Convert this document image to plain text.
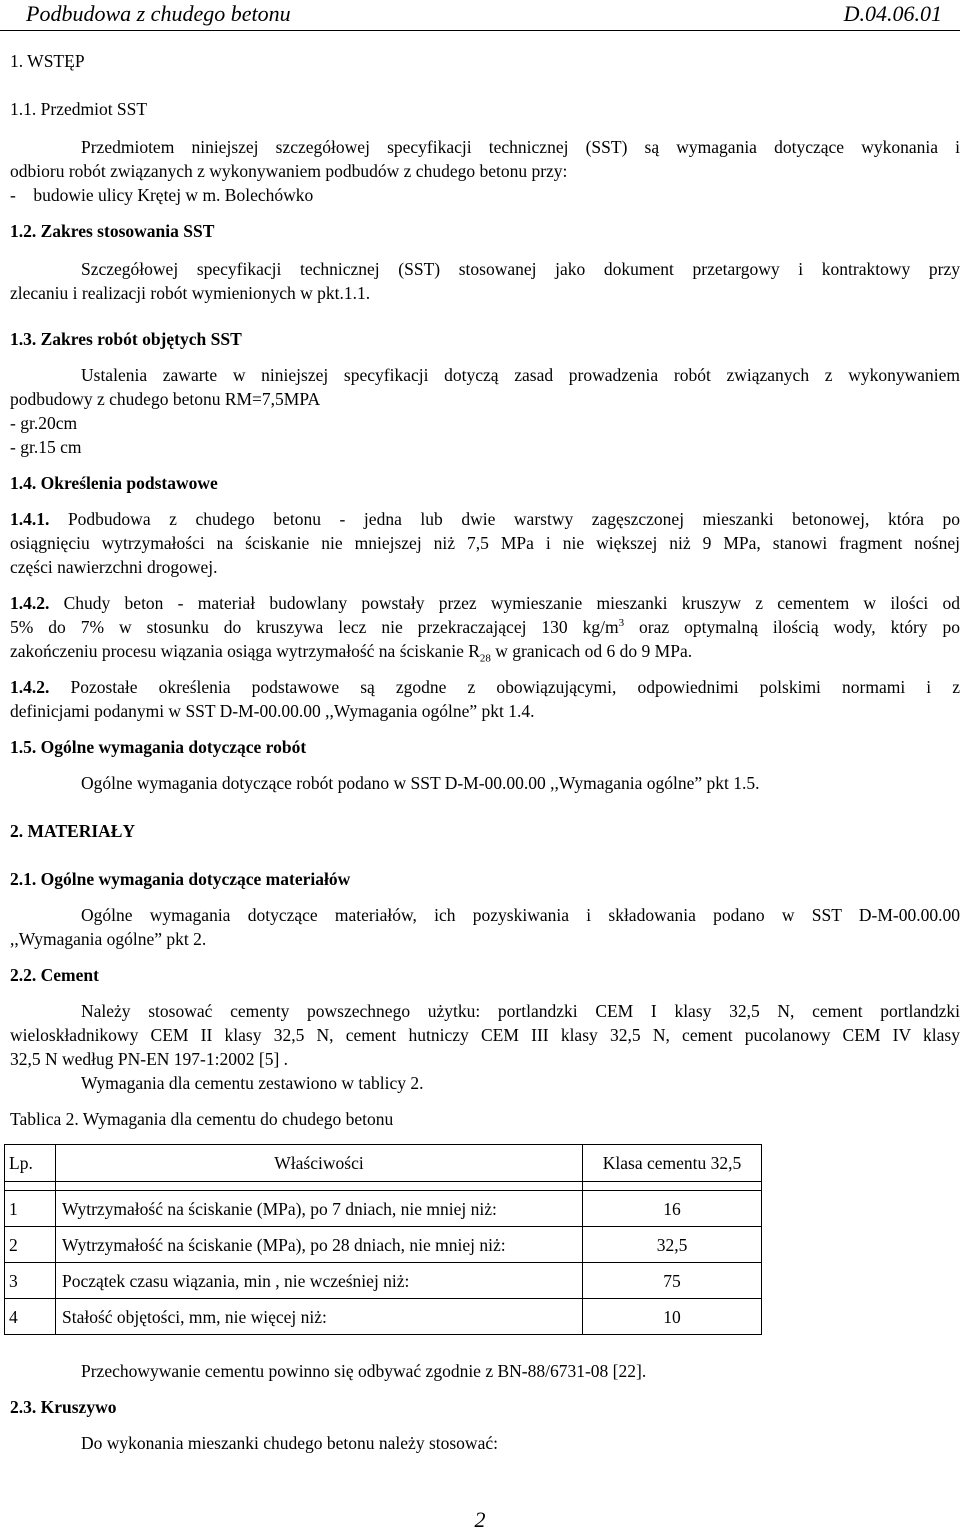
Podbudowa z chudego betonu	D.04.06.01
1. WSTĘP
1.1. Przedmiot SST
Przedmiotem niniejszej szczegółowej specyfikacji technicznej (SST) są wymagania dotyczące wykonania i
odbioru robót związanych z wykonywaniem podbudów z chudego betonu przy:
-    budowie ulicy Krętej w m. Bolechówko
1.2. Zakres stosowania SST
Szczegółowej specyfikacji technicznej (SST) stosowanej jako dokument przetargowy i kontraktowy przy
zlecaniu i realizacji robót wymienionych w pkt.1.1.
1.3. Zakres robót objętych SST
Ustalenia zawarte w niniejszej specyfikacji dotyczą zasad prowadzenia robót związanych z wykonywaniem
podbudowy z chudego betonu RM=7,5MPA
- gr.20cm
- gr.15 cm
1.4. Określenia podstawowe
1.4.1. Podbudowa z chudego betonu - jedna lub dwie warstwy zagęszczonej mieszanki betonowej, która po
osiągnięciu wytrzymałości na ściskanie nie mniejszej niż 7,5 MPa i nie większej niż 9 MPa, stanowi fragment nośnej
części nawierzchni drogowej.
1.4.2. Chudy beton - materiał budowlany powstały przez wymieszanie mieszanki kruszyw z cementem w ilości od
5% do 7% w stosunku do kruszywa lecz nie przekraczającej 130 $kg/m^3$ oraz optymalną ilością wody, który po
zakończeniu procesu wiązania osiąga wytrzymałość na ściskanie $R_{28}$ w granicach od 6 do 9 MPa.
1.4.2. Pozostałe określenia podstawowe są zgodne z obowiązującymi, odpowiednimi polskimi normami i z
definicjami podanymi w SST D-M-00.00.00 ,,Wymagania ogólne” pkt 1.4.
1.5. Ogólne wymagania dotyczące robót
Ogólne wymagania dotyczące robót podano w SST D-M-00.00.00 ,,Wymagania ogólne” pkt 1.5.
2. MATERIAŁY
2.1. Ogólne wymagania dotyczące materiałów
Ogólne wymagania dotyczące materiałów, ich pozyskiwania i składowania podano w SST D-M-00.00.00
,,Wymagania ogólne” pkt 2.
2.2. Cement
Należy stosować cementy powszechnego użytku: portlandzki CEM I klasy 32,5 N, cement portlandzki
wieloskładnikowy CEM II klasy 32,5 N, cement hutniczy CEM III klasy 32,5 N, cement pucolanowy CEM IV klasy
32,5 N według PN-EN 197-1:2002 [5] .
Wymagania dla cementu zestawiono w tablicy 2.
Tablica 2. Wymagania dla cementu do chudego betonu
Lp.	Właściwości	Klasa cementu 32,5

1	Wytrzymałość na ściskanie (MPa), po 7 dniach, nie mniej niż:	16
2	Wytrzymałość na ściskanie (MPa), po 28 dniach, nie mniej niż:	32,5
3	Początek czasu wiązania, min , nie wcześniej niż:	75
4	Stałość objętości, mm, nie więcej niż:	10
Przechowywanie cementu powinno się odbywać zgodnie z BN-88/6731-08 [22].
2.3. Kruszywo
Do wykonania mieszanki chudego betonu należy stosować:
2
